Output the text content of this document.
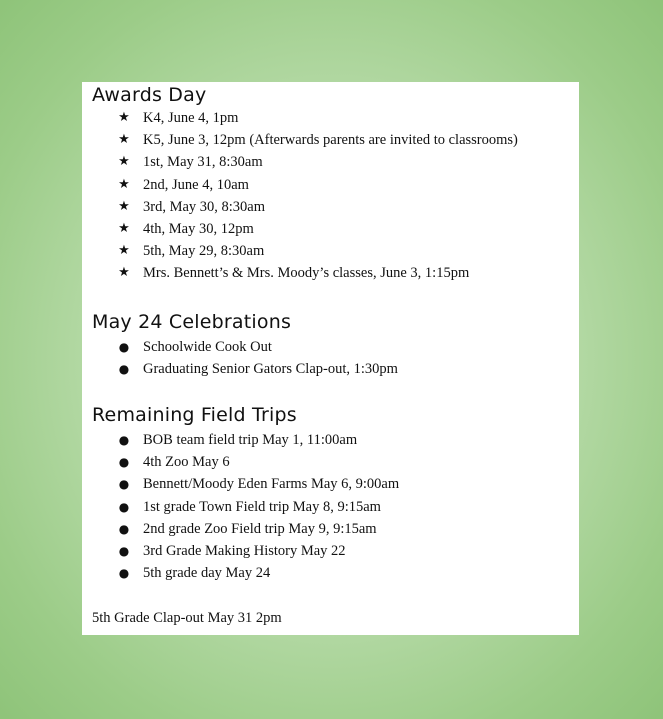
Awards Day
★ K4, June 4, 1pm
★ K5, June 3, 12pm (Afterwards parents are invited to classrooms)
★ 1st, May 31, 8:30am
★ 2nd, June 4, 10am
★ 3rd, May 30, 8:30am
★ 4th, May 30, 12pm
★ 5th, May 29, 8:30am
★ Mrs. Bennett’s & Mrs. Moody’s classes, June 3, 1:15pm
May 24 Celebrations
● Schoolwide Cook Out
● Graduating Senior Gators Clap-out, 1:30pm
Remaining Field Trips
● BOB team field trip May 1, 11:00am
● 4th Zoo May 6
● Bennett/Moody Eden Farms May 6, 9:00am
● 1st grade Town Field trip May 8, 9:15am
● 2nd grade Zoo Field trip May 9, 9:15am
● 3rd Grade Making History May 22
● 5th grade day May 24

5th Grade Clap-out May 31 2pm
